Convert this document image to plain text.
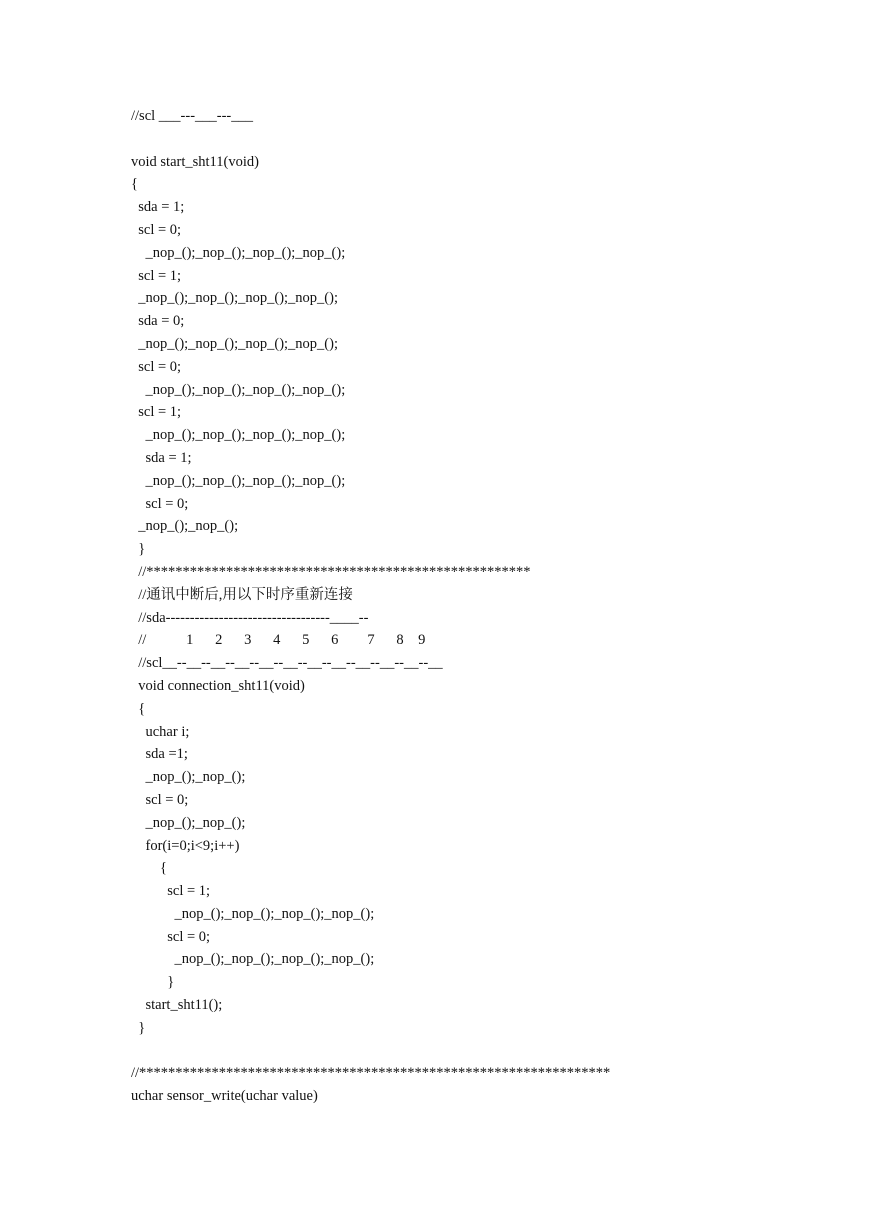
//scl ___---___---___
void start_sht11(void)
{
sda = 1;
scl = 0;
_nop_();_nop_();_nop_();_nop_();
scl = 1;
_nop_();_nop_();_nop_();_nop_();
sda = 0;
_nop_();_nop_();_nop_();_nop_();
scl = 0;
_nop_();_nop_();_nop_();_nop_();
scl = 1;
_nop_();_nop_();_nop_();_nop_();
sda = 1;
_nop_();_nop_();_nop_();_nop_();
scl = 0;
_nop_();_nop_();
}
//*****************************************************
//通讯中断后,用以下时序重新连接
//sda----------------------------------____--
//           1      2      3      4      5      6        7      8    9
//scl__--__--__--__--__--__--__--__--__--__--__--__
void connection_sht11(void)
{
uchar i;
sda =1;
_nop_();_nop_();
scl = 0;
_nop_();_nop_();
for(i=0;i<9;i++)
{
scl = 1;
_nop_();_nop_();_nop_();_nop_();
scl = 0;
_nop_();_nop_();_nop_();_nop_();
}
start_sht11();
}
//*****************************************************************
uchar sensor_write(uchar value)
